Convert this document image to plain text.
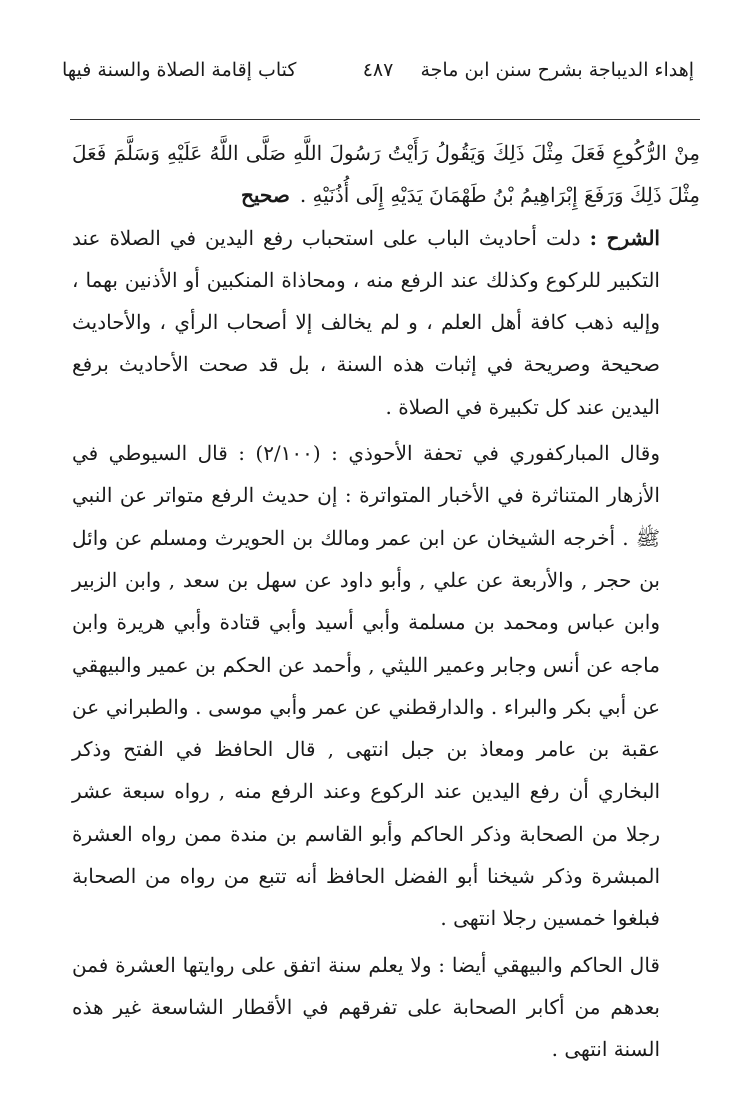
إهداء الديباجة بشرح سنن ابن ماجة
٤٨٧
كتاب إقامة الصلاة والسنة فيها

مِنْ الرُّكُوعِ فَعَلَ مِثْلَ ذَلِكَ وَيَقُولُ رَأَيْتُ رَسُولَ اللَّهِ صَلَّى اللَّهُ عَلَيْهِ وَسَلَّمَ فَعَلَ مِثْلَ ذَلِكَ وَرَفَعَ إِبْرَاهِيمُ بْنُ طَهْمَانَ يَدَيْهِ إِلَى أُذُنَيْهِ .صحيح

الشرح : دلت أحاديث الباب على استحباب رفع اليدين في الصلاة عند التكبير للركوع وكذلك عند الرفع منه ، ومحاذاة المنكبين أو الأذنين بهما ، وإليه ذهب كافة أهل العلم ، و لم يخالف إلا أصحاب الرأي ، والأحاديث صحيحة وصريحة في إثبات هذه السنة ، بل قد صحت الأحاديث برفع اليدين عند كل تكبيرة في الصلاة .

وقال المباركفوري في تحفة الأحوذي : (٢/١٠٠) : قال السيوطي في الأزهار المتناثرة في الأخبار المتواترة : إن حديث الرفع متواتر عن النبي ﷺ . أخرجه الشيخان عن ابن عمر ومالك بن الحويرث ومسلم عن وائل بن حجر , والأربعة عن علي , وأبو داود عن سهل بن سعد , وابن الزبير وابن عباس ومحمد بن مسلمة وأبي أسيد وأبي قتادة وأبي هريرة وابن ماجه عن أنس وجابر وعمير الليثي , وأحمد عن الحكم بن عمير والبيهقي عن أبي بكر والبراء . والدارقطني عن عمر وأبي موسى . والطبراني عن عقبة بن عامر ومعاذ بن جبل انتهى , قال الحافظ في الفتح وذكر البخاري أن رفع اليدين عند الركوع وعند الرفع منه , رواه سبعة عشر رجلا من الصحابة وذكر الحاكم وأبو القاسم بن مندة ممن رواه العشرة المبشرة وذكر شيخنا أبو الفضل الحافظ أنه تتبع من رواه من الصحابة فبلغوا خمسين رجلا انتهى .

قال الحاكم والبيهقي أيضا : ولا يعلم سنة اتفق على روايتها العشرة فمن بعدهم من أكابر الصحابة على تفرقهم في الأقطار الشاسعة غير هذه السنة انتهى .
